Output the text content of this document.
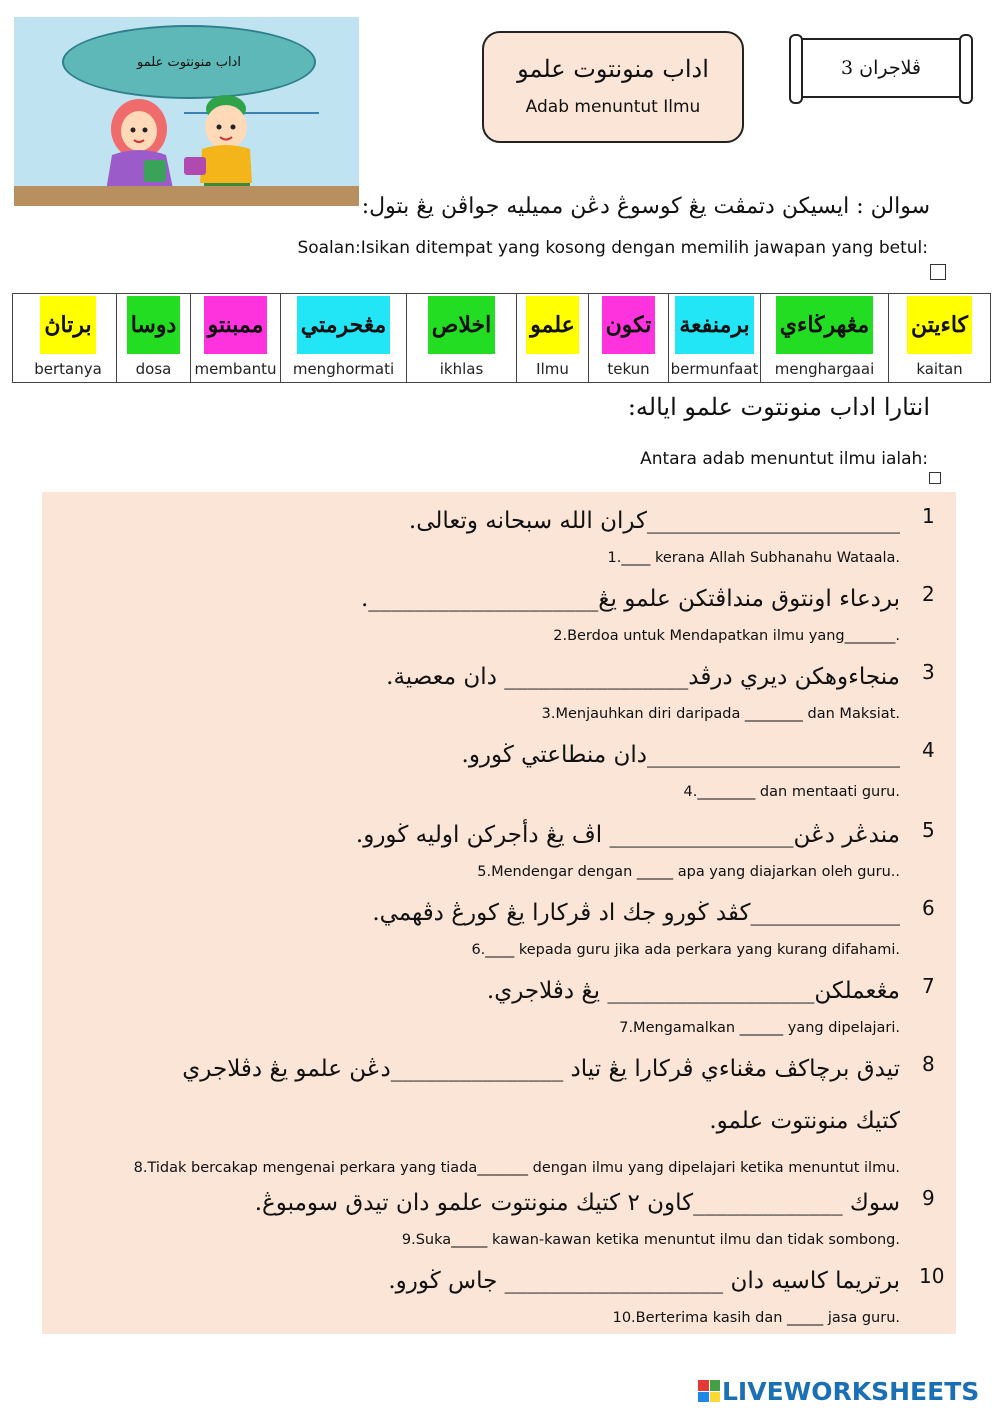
اداب منونتوت علمو	اداب منونتوت علمو
Adab menuntut Ilmu
ڤلاجران 3
سوالن : ايسيکن دتمڤت يڠ کوسوڠ دڠن مميليه جواڤن يڠ بتول:
Soalan:Isikan ditempat yang kosong dengan memilih jawapan yang betul:
كاءيتن
kaitan
مڠهرڬاءي
menghargaai
برمنفعة
bermunfaat
تکون
tekun
علمو
Ilmu
اخلاص
ikhlas
مڠحرمتي
menghormati
ممبنتو
membantu
دوسا
dosa
برتاڽ
bertanya
انتارا اداب منونتوت علمو اياله:
Antara adab menuntut ilmu ialah:
1
______________________كران الله سبحانه وتعالى.
1.____ kerana Allah Subhanahu Wataala.
2
بردعاء اونتوق منداڤتکن علمو يڠ____________________.
2.Berdoa untuk Mendapatkan ilmu yang_______.
3
منجاءوهکن ديري درڤد________________ دان معصية.
3.Menjauhkan diri daripada ________ dan Maksiat.
4
______________________دان منطاعتي ڬورو.
4.________ dan mentaati guru.
5
مندڠر دڠن________________ اڤ يڠ دأجرکن اوليه ڬورو.
5.Mendengar dengan _____ apa yang diajarkan oleh guru..
6
_____________کڤد ڬورو جك اد ڤرکارا يڠ کورڠ دڤهمي.
6.____ kepada guru jika ada perkara yang kurang difahami.
7
مڠعملکن__________________ يڠ دڤلاجري.
7.Mengamalkan ______ yang dipelajari.
8
تيدق برچاکڤ مڠناءي ڤرکارا يڠ تياد _______________دڠن علمو يڠ دڤلاجري
کتيك منونتوت علمو.
8.Tidak bercakap mengenai perkara yang tiada_______ dengan ilmu yang dipelajari ketika menuntut ilmu.
9
سوك _____________کاون ٢ کتيك منونتوت علمو دان تيدق سومبوڠ.
9.Suka_____ kawan-kawan ketika menuntut ilmu dan tidak sombong.
10
برتريما کاسيه دان ___________________ جاس ڬورو.
10.Berterima kasih dan _____ jasa guru.
LIVEWORKSHEETS
